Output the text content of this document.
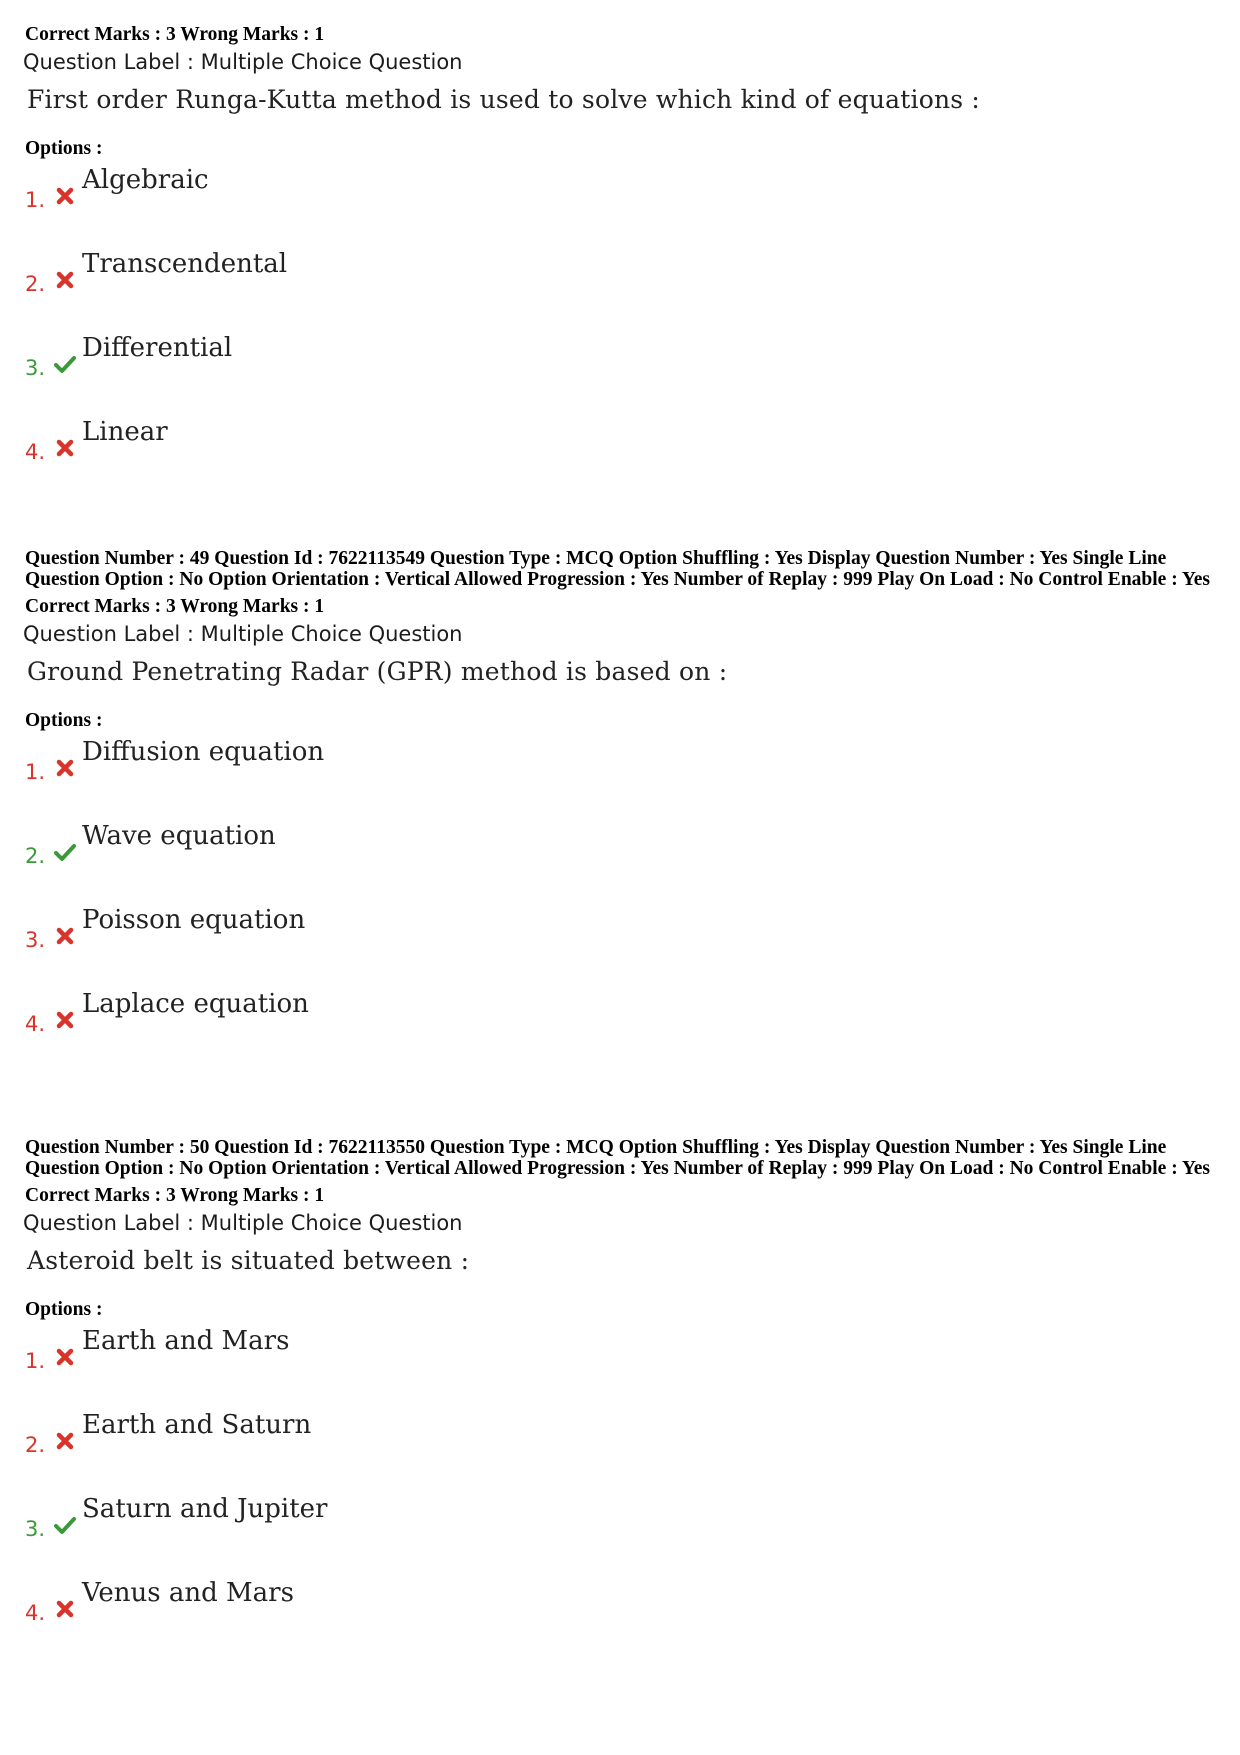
Correct Marks : 3 Wrong Marks : 1

Question Label : Multiple Choice Question
First order Runga-Kutta method is used to solve which kind of equations :

Options :

1.
Algebraic
2.
Transcendental
3.
Differential
4.
Linear

Question Number : 49 Question Id : 7622113549 Question Type : MCQ Option Shuffling : Yes Display Question Number : Yes Single Line Question Option : No Option Orientation : Vertical Allowed Progression : Yes Number of Replay : 999 Play On Load : No Control Enable : Yes

Correct Marks : 3 Wrong Marks : 1

Question Label : Multiple Choice Question
Ground Penetrating Radar (GPR) method is based on :

Options :

1.
Diffusion equation
2.
Wave equation
3.
Poisson equation
4.
Laplace equation

Question Number : 50 Question Id : 7622113550 Question Type : MCQ Option Shuffling : Yes Display Question Number : Yes Single Line Question Option : No Option Orientation : Vertical Allowed Progression : Yes Number of Replay : 999 Play On Load : No Control Enable : Yes

Correct Marks : 3 Wrong Marks : 1

Question Label : Multiple Choice Question
Asteroid belt is situated between :

Options :

1.
Earth and Mars
2.
Earth and Saturn
3.
Saturn and Jupiter
4.
Venus and Mars
